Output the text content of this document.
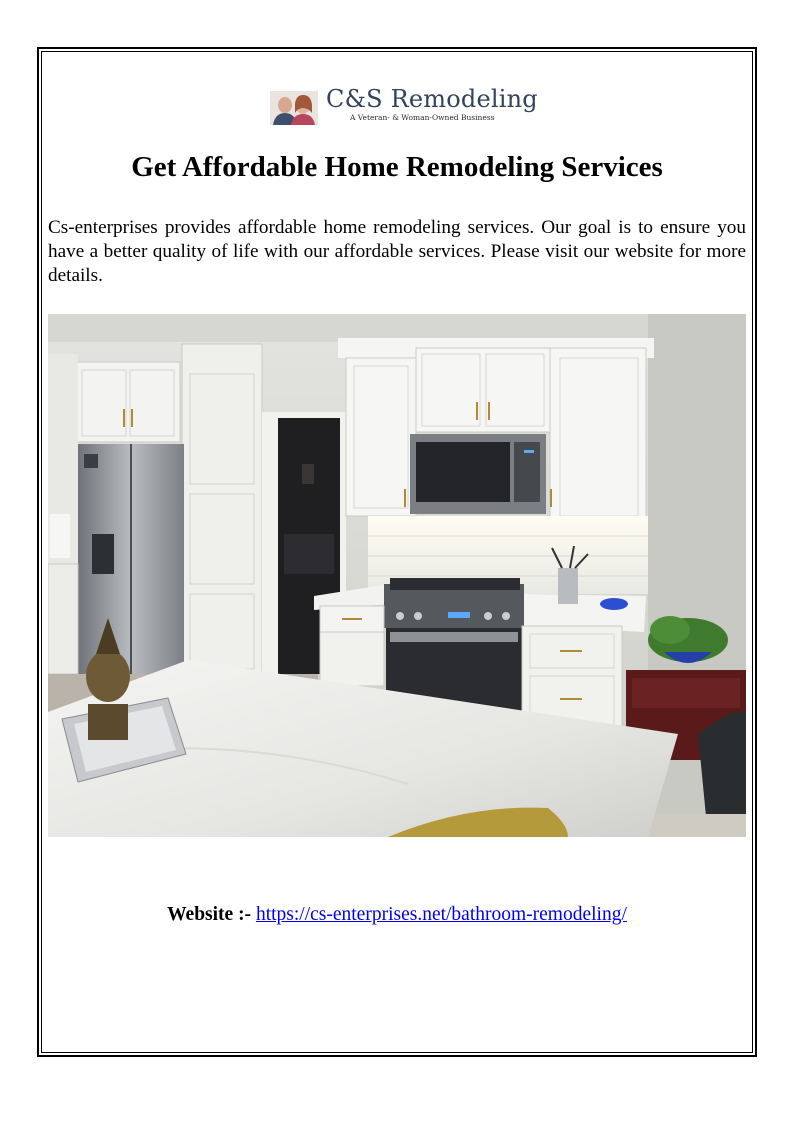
C&S Remodeling
A Veteran- & Woman-Owned Business
Get Affordable Home Remodeling Services

Cs-enterprises provides affordable home remodeling services. Our goal is to ensure you have a better quality of life with our affordable services. Please visit our website for more details.

Website :- https://cs-enterprises.net/bathroom-remodeling/
